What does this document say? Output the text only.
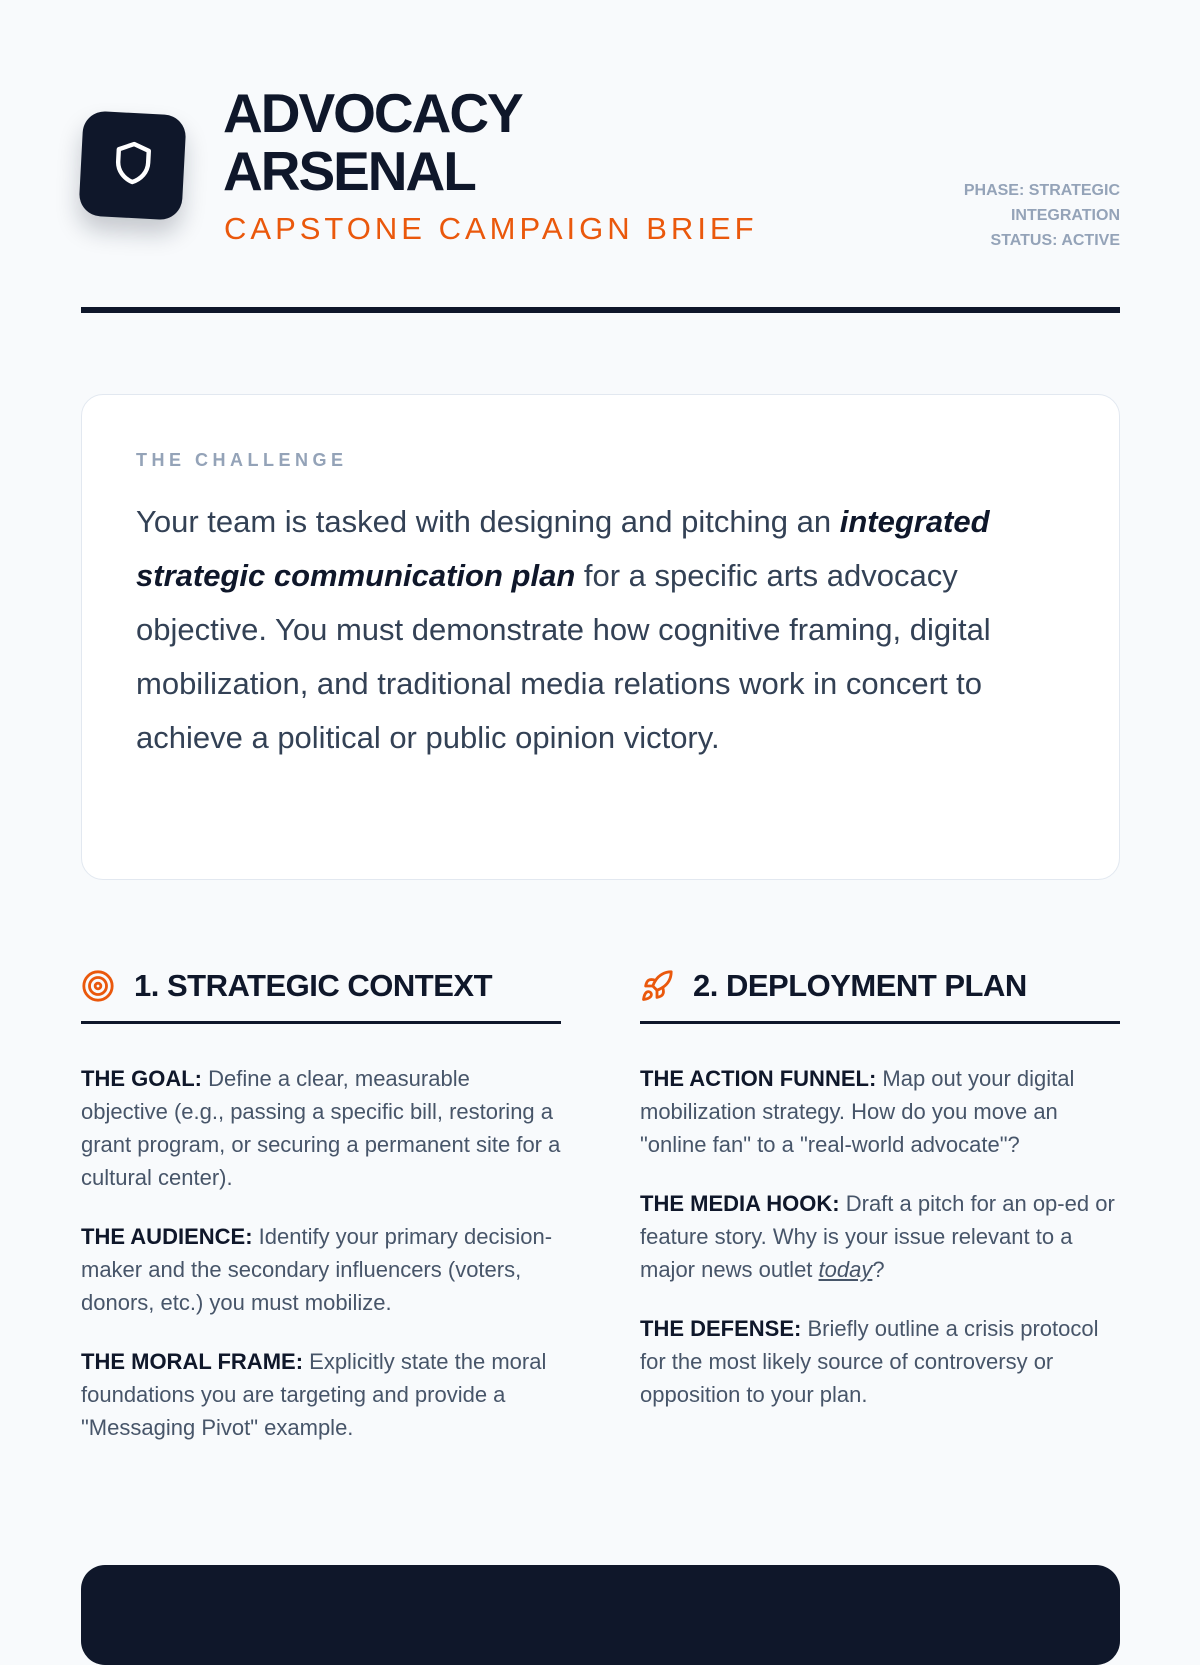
ADVOCACY
ARSENAL
CAPSTONE CAMPAIGN BRIEF
PHASE: STRATEGIC
INTEGRATION
STATUS: ACTIVE
THE CHALLENGE

Your team is tasked with designing and pitching an integrated strategic communication plan for a specific arts advocacy objective. You must demonstrate how cognitive framing, digital mobilization, and traditional media relations work in concert to achieve a political or public opinion victory.

1. STRATEGIC CONTEXT

THE GOAL: Define a clear, measurable objective (e.g., passing a specific bill, restoring a grant program, or securing a permanent site for a cultural center).

THE AUDIENCE: Identify your primary decision-maker and the secondary influencers (voters, donors, etc.) you must mobilize.

THE MORAL FRAME: Explicitly state the moral foundations you are targeting and provide a "Messaging Pivot" example.

2. DEPLOYMENT PLAN

THE ACTION FUNNEL: Map out your digital mobilization strategy. How do you move an "online fan" to a "real-world advocate"?

THE MEDIA HOOK: Draft a pitch for an op-ed or feature story. Why is your issue relevant to a major news outlet today?

THE DEFENSE: Briefly outline a crisis protocol for the most likely source of controversy or opposition to your plan.
